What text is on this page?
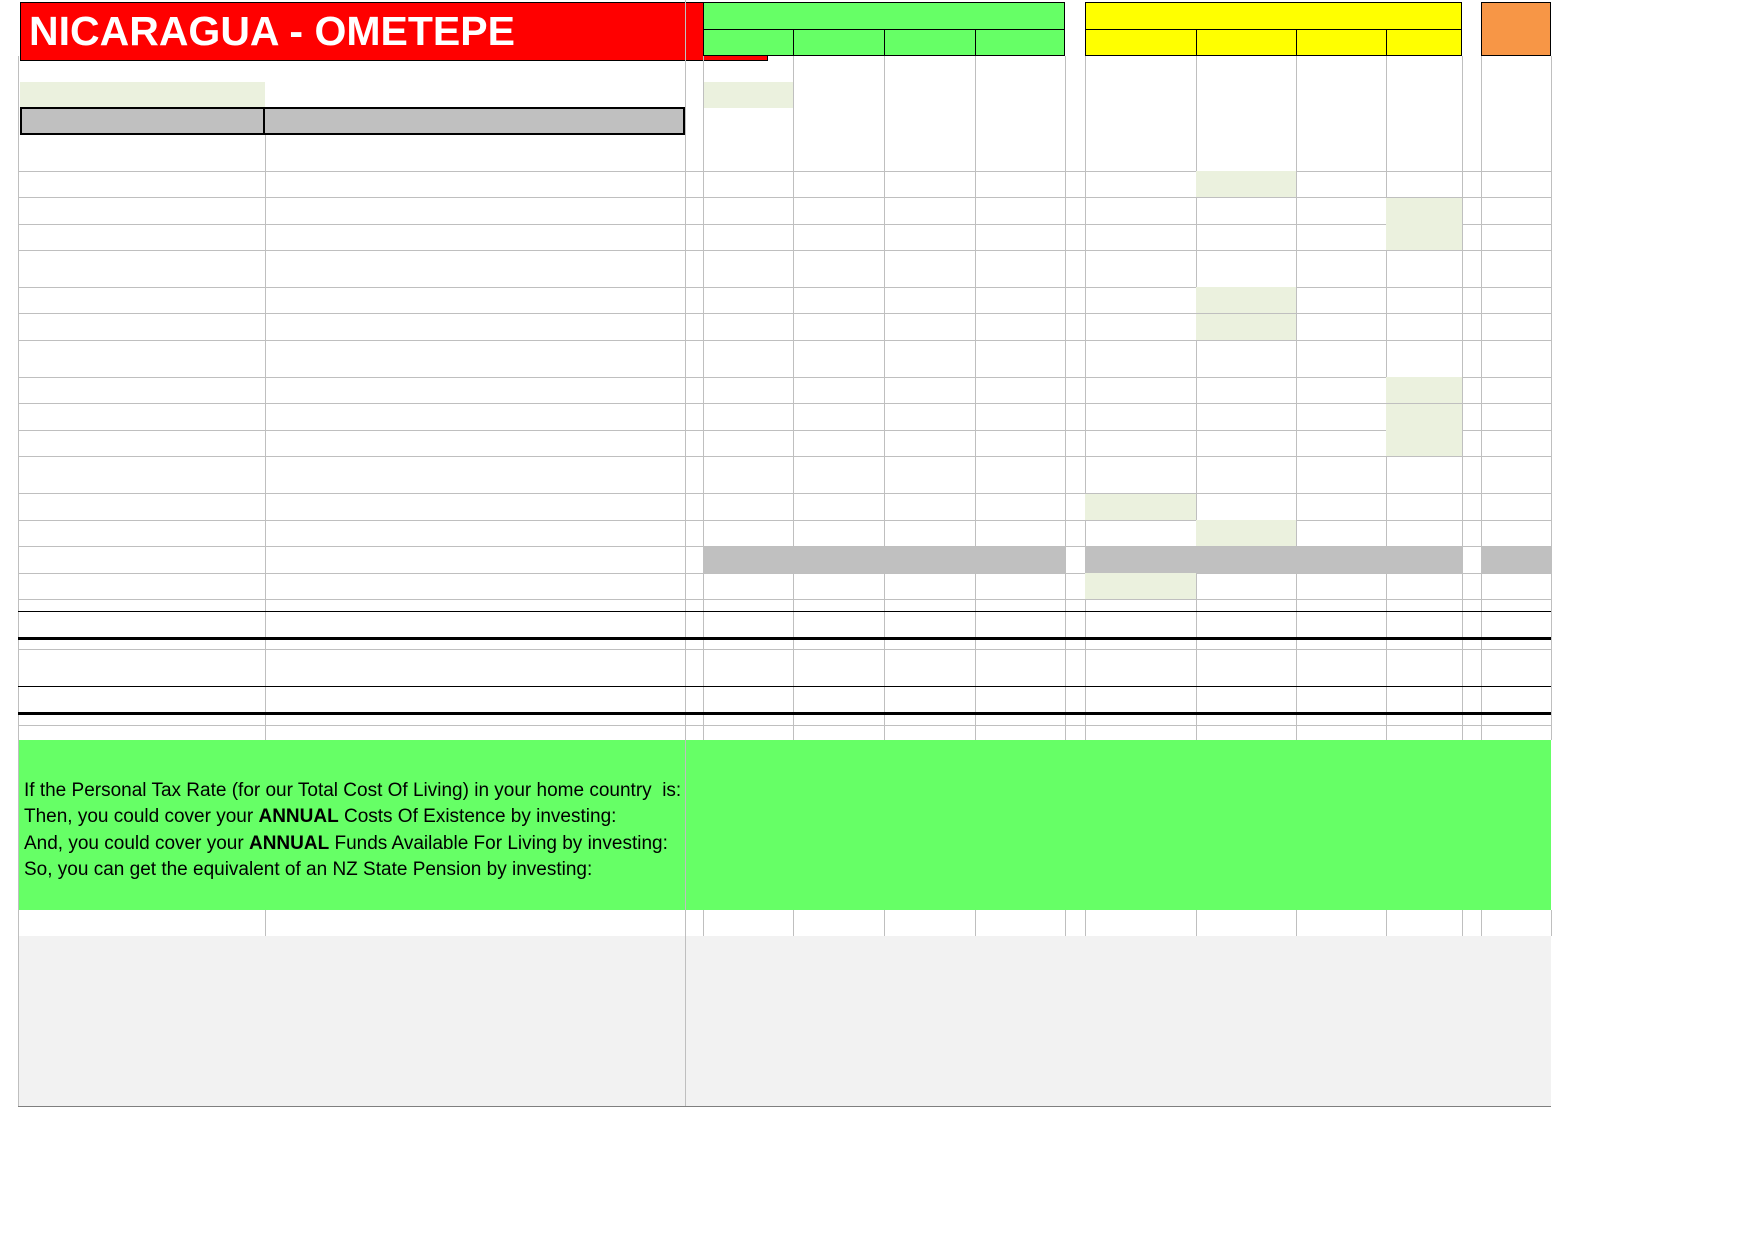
NICARAGUA - OMETEPE
If the Personal Tax Rate (for our Total Cost Of Living) in your home country  is:
Then, you could cover your ANNUAL Costs Of Existence by investing:
And, you could cover your ANNUAL Funds Available For Living by investing:
So, you can get the equivalent of an NZ State Pension by investing:
